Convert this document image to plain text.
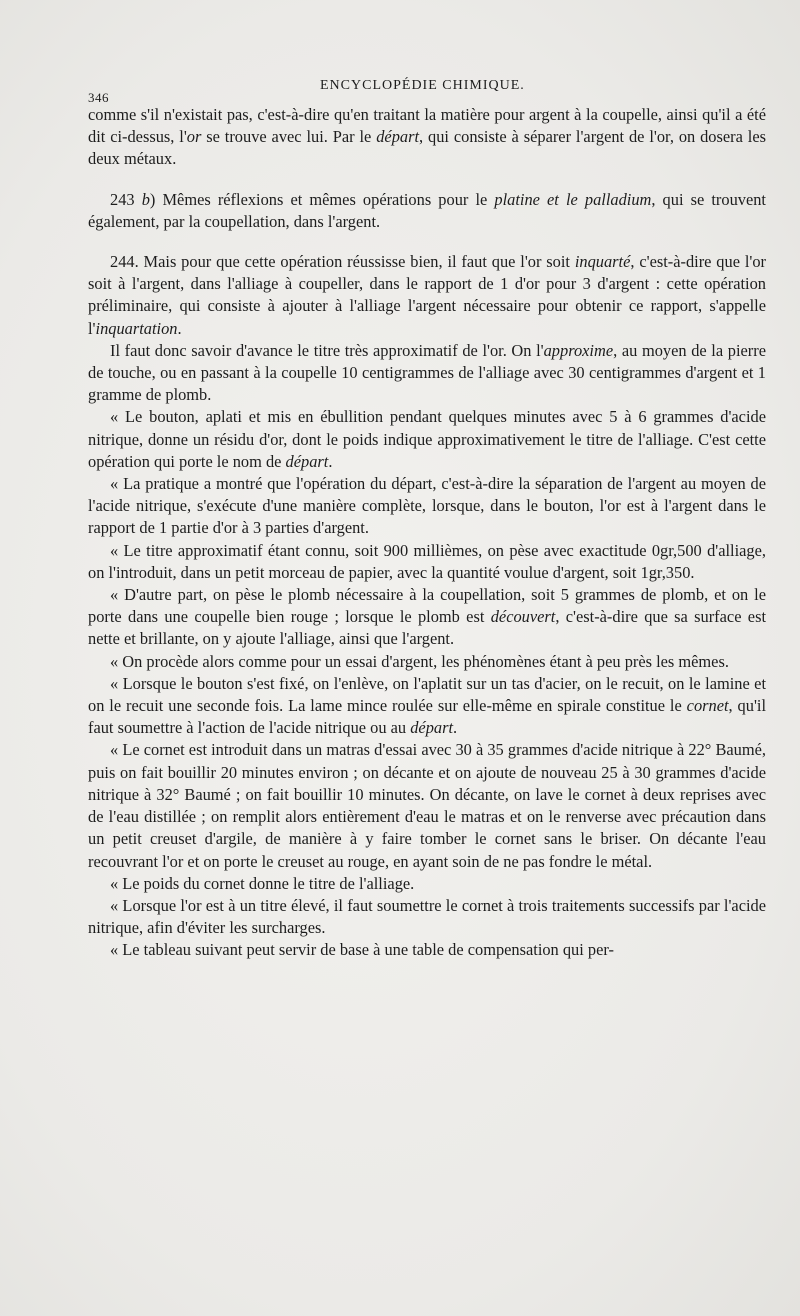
346
ENCYCLOPÉDIE CHIMIQUE.

comme s'il n'existait pas, c'est-à-dire qu'en traitant la matière pour argent à la coupelle, ainsi qu'il a été dit ci-dessus, l'or se trouve avec lui. Par le départ, qui consiste à séparer l'argent de l'or, on dosera les deux métaux.

243 b) Mêmes réflexions et mêmes opérations pour le platine et le palladium, qui se trouvent également, par la coupellation, dans l'argent.

244. Mais pour que cette opération réussisse bien, il faut que l'or soit inquarté, c'est-à-dire que l'or soit à l'argent, dans l'alliage à coupeller, dans le rapport de 1 d'or pour 3 d'argent : cette opération préliminaire, qui consiste à ajouter à l'alliage l'argent nécessaire pour obtenir ce rapport, s'appelle l'inquartation.

Il faut donc savoir d'avance le titre très approximatif de l'or. On l'approxime, au moyen de la pierre de touche, ou en passant à la coupelle 10 centigrammes de l'alliage avec 30 centigrammes d'argent et 1 gramme de plomb.

« Le bouton, aplati et mis en ébullition pendant quelques minutes avec 5 à 6 grammes d'acide nitrique, donne un résidu d'or, dont le poids indique approximativement le titre de l'alliage. C'est cette opération qui porte le nom de départ.

« La pratique a montré que l'opération du départ, c'est-à-dire la séparation de l'argent au moyen de l'acide nitrique, s'exécute d'une manière complète, lorsque, dans le bouton, l'or est à l'argent dans le rapport de 1 partie d'or à 3 parties d'argent.

« Le titre approximatif étant connu, soit 900 millièmes, on pèse avec exactitude 0gr,500 d'alliage, on l'introduit, dans un petit morceau de papier, avec la quantité voulue d'argent, soit 1gr,350.

« D'autre part, on pèse le plomb nécessaire à la coupellation, soit 5 grammes de plomb, et on le porte dans une coupelle bien rouge ; lorsque le plomb est découvert, c'est-à-dire que sa surface est nette et brillante, on y ajoute l'alliage, ainsi que l'argent.

« On procède alors comme pour un essai d'argent, les phénomènes étant à peu près les mêmes.

« Lorsque le bouton s'est fixé, on l'enlève, on l'aplatit sur un tas d'acier, on le recuit, on le lamine et on le recuit une seconde fois. La lame mince roulée sur elle-même en spirale constitue le cornet, qu'il faut soumettre à l'action de l'acide nitrique ou au départ.

« Le cornet est introduit dans un matras d'essai avec 30 à 35 grammes d'acide nitrique à 22° Baumé, puis on fait bouillir 20 minutes environ ; on décante et on ajoute de nouveau 25 à 30 grammes d'acide nitrique à 32° Baumé ; on fait bouillir 10 minutes. On décante, on lave le cornet à deux reprises avec de l'eau distillée ; on remplit alors entièrement d'eau le matras et on le renverse avec précaution dans un petit creuset d'argile, de manière à y faire tomber le cornet sans le briser. On décante l'eau recouvrant l'or et on porte le creuset au rouge, en ayant soin de ne pas fondre le métal.

« Le poids du cornet donne le titre de l'alliage.

« Lorsque l'or est à un titre élevé, il faut soumettre le cornet à trois traitements successifs par l'acide nitrique, afin d'éviter les surcharges.

« Le tableau suivant peut servir de base à une table de compensation qui per-
